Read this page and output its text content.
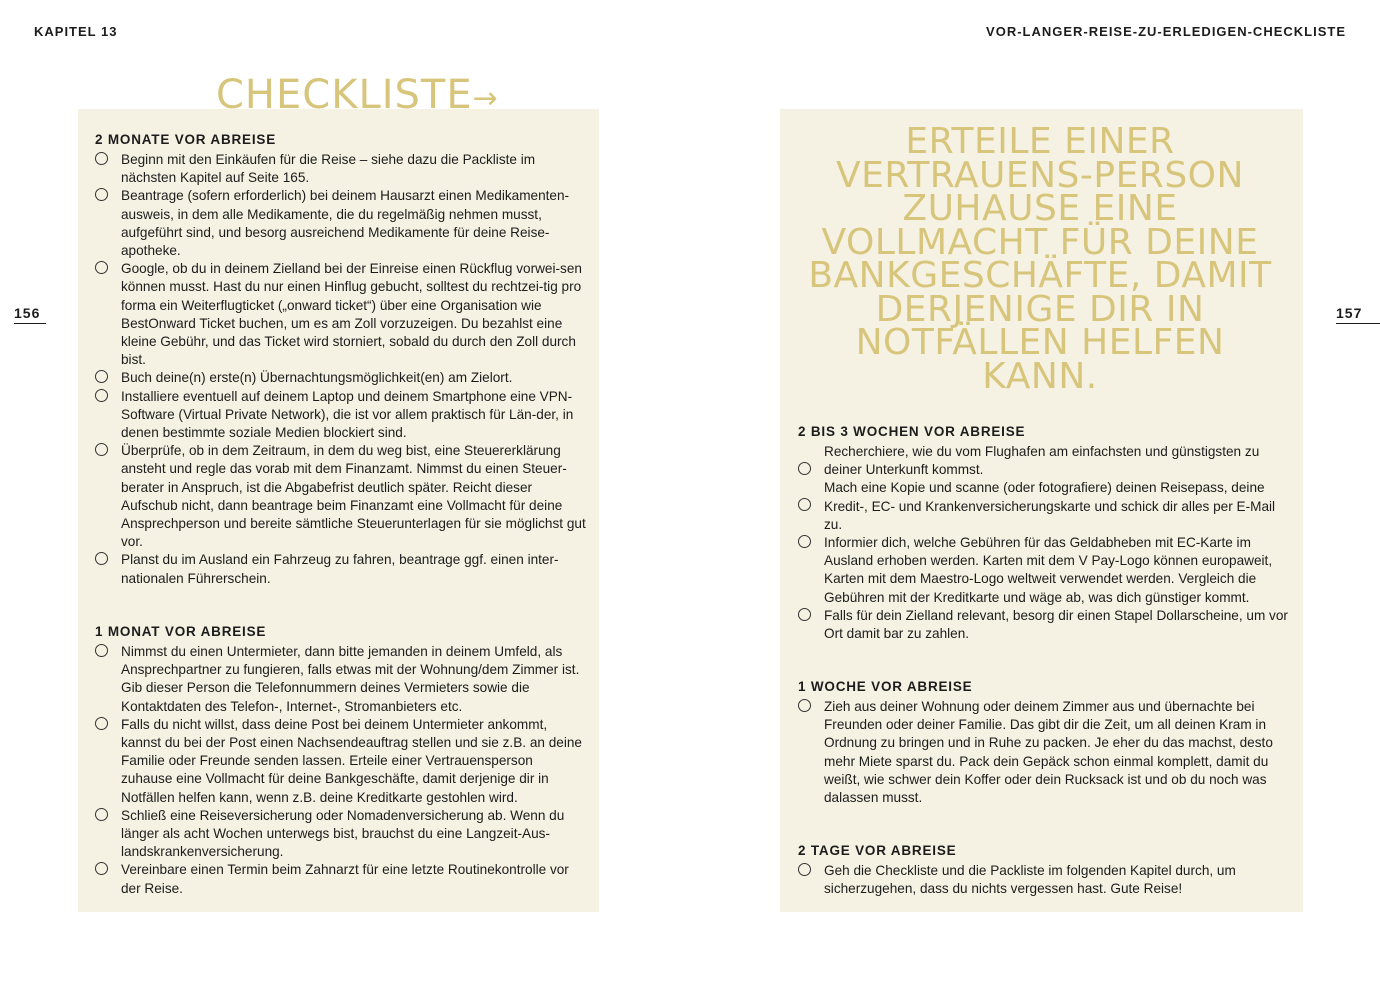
KAPITEL 13	VOR-LANGER-REISE-ZU-ERLEDIGEN-CHECKLISTE
156	157
CHECKLISTE→
ERTEILE EINER VERTRAUENS-PERSON ZUHAUSE EINE VOLLMACHT FÜR DEINE BANKGESCHÄFTE, DAMIT DERJENIGE DIR IN NOTFÄLLEN HELFEN KANN.
2 MONATE VOR ABREISE
Beginn mit den Einkäufen für die Reise – siehe dazu die Packliste im nächsten Kapitel auf Seite 165.
Beantrage (sofern erforderlich) bei deinem Hausarzt einen Medikamenten-ausweis, in dem alle Medikamente, die du regelmäßig nehmen musst, aufgeführt sind, und besorg ausreichend Medikamente für deine Reise-apotheke.
Google, ob du in deinem Zielland bei der Einreise einen Rückflug vorwei-sen können musst. Hast du nur einen Hinflug gebucht, solltest du rechtzei-tig pro forma ein Weiterflugticket („onward ticket“) über eine Organisation wie BestOnward Ticket buchen, um es am Zoll vorzuzeigen. Du bezahlst eine kleine Gebühr, und das Ticket wird storniert, sobald du durch den Zoll durch bist.
Buch deine(n) erste(n) Übernachtungsmöglichkeit(en) am Zielort.
Installiere eventuell auf deinem Laptop und deinem Smartphone eine VPN-Software (Virtual Private Network), die ist vor allem praktisch für Län-der, in denen bestimmte soziale Medien blockiert sind.
Überprüfe, ob in dem Zeitraum, in dem du weg bist, eine Steuererklärung ansteht und regle das vorab mit dem Finanzamt. Nimmst du einen Steuer-berater in Anspruch, ist die Abgabefrist deutlich später. Reicht dieser Aufschub nicht, dann beantrage beim Finanzamt eine Vollmacht für deine Ansprechperson und bereite sämtliche Steuerunterlagen für sie möglichst gut vor.
Planst du im Ausland ein Fahrzeug zu fahren, beantrage ggf. einen inter-nationalen Führerschein.
1 MONAT VOR ABREISE
Nimmst du einen Untermieter, dann bitte jemanden in deinem Umfeld, als Ansprechpartner zu fungieren, falls etwas mit der Wohnung/dem Zimmer ist. Gib dieser Person die Telefonnummern deines Vermieters sowie die Kontaktdaten des Telefon-, Internet-, Stromanbieters etc.
Falls du nicht willst, dass deine Post bei deinem Untermieter ankommt, kannst du bei der Post einen Nachsendeauftrag stellen und sie z.B. an deine Familie oder Freunde senden lassen. Erteile einer Vertrauensperson zuhause eine Vollmacht für deine Bankgeschäfte, damit derjenige dir in Notfällen helfen kann, wenn z.B. deine Kreditkarte gestohlen wird.
Schließ eine Reiseversicherung oder Nomadenversicherung ab. Wenn du länger als acht Wochen unterwegs bist, brauchst du eine Langzeit-Aus-landskrankenversicherung.
Vereinbare einen Termin beim Zahnarzt für eine letzte Routinekontrolle vor der Reise.
2 BIS 3 WOCHEN VOR ABREISE
Recherchiere, wie du vom Flughafen am einfachsten und günstigsten zu deiner Unterkunft kommst.
Mach eine Kopie und scanne (oder fotografiere) deinen Reisepass, deine Kredit-, EC- und Krankenversicherungskarte und schick dir alles per E-Mail zu.
Informier dich, welche Gebühren für das Geldabheben mit EC-Karte im Ausland erhoben werden. Karten mit dem V Pay-Logo können europaweit, Karten mit dem Maestro-Logo weltweit verwendet werden. Vergleich die Gebühren mit der Kreditkarte und wäge ab, was dich günstiger kommt.
Falls für dein Zielland relevant, besorg dir einen Stapel Dollarscheine, um vor Ort damit bar zu zahlen.
1 WOCHE VOR ABREISE
Zieh aus deiner Wohnung oder deinem Zimmer aus und übernachte bei Freunden oder deiner Familie. Das gibt dir die Zeit, um all deinen Kram in Ordnung zu bringen und in Ruhe zu packen. Je eher du das machst, desto mehr Miete sparst du. Pack dein Gepäck schon einmal komplett, damit du weißt, wie schwer dein Koffer oder dein Rucksack ist und ob du noch was dalassen musst.
2 TAGE VOR ABREISE
Geh die Checkliste und die Packliste im folgenden Kapitel durch, um sicherzugehen, dass du nichts vergessen hast. Gute Reise!
